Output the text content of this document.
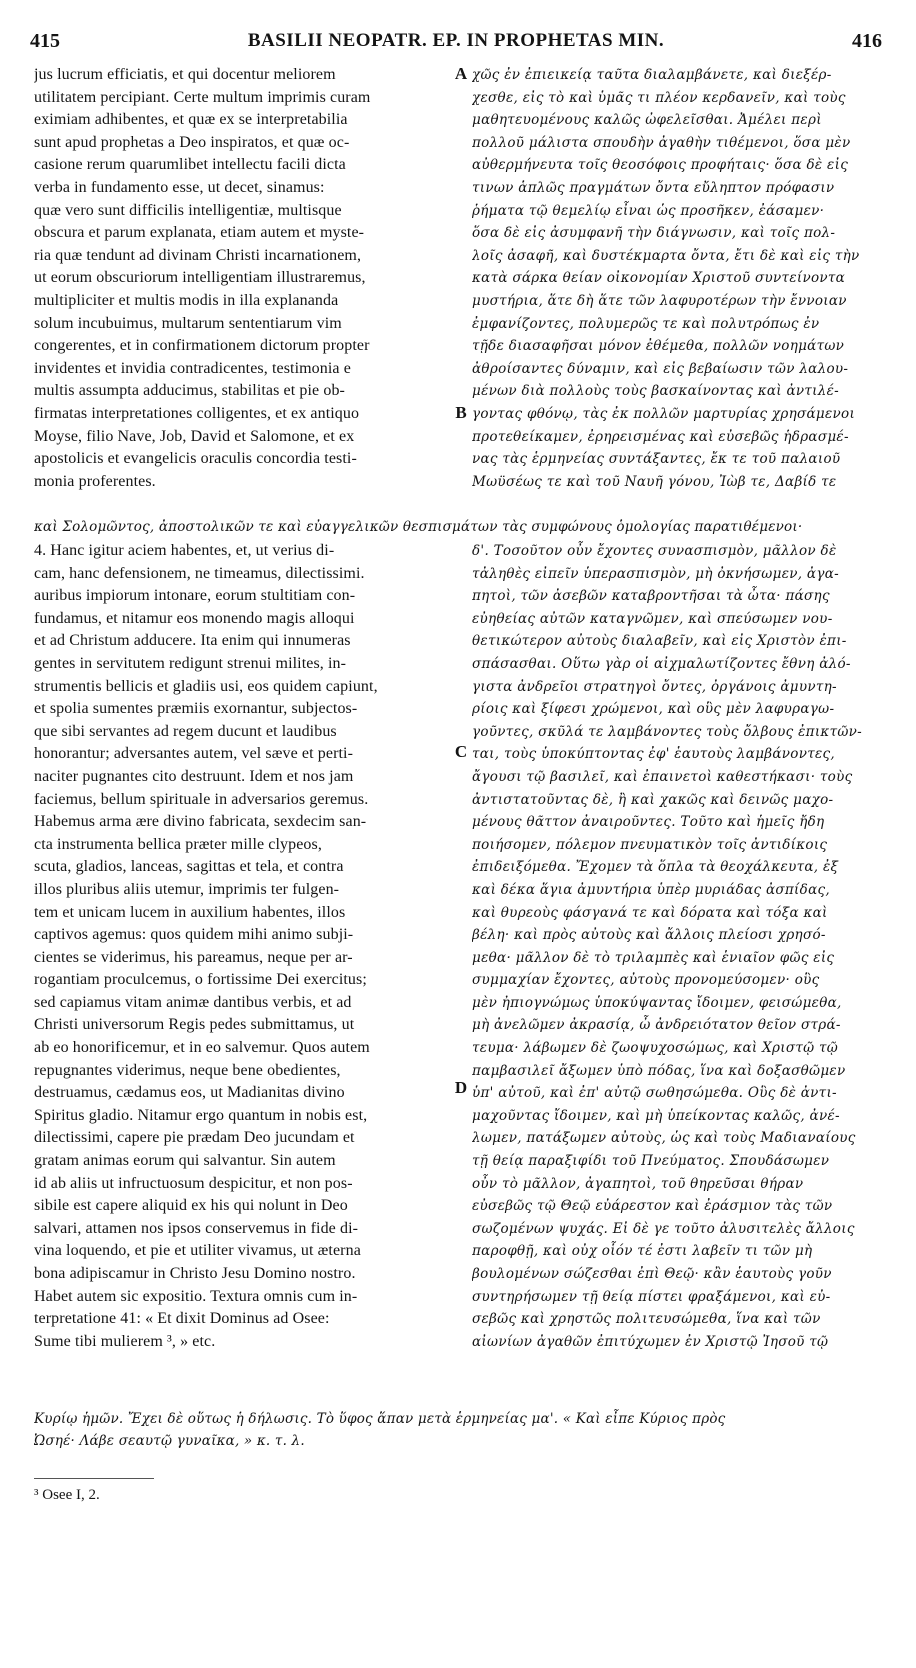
415	BASILII NEOPATR. EP. IN PROPHETAS MIN.	416
jus lucrum efficiatis, et qui docentur meliorem
utilitatem percipiant. Certe multum imprimis curam
eximiam adhibentes, et quæ ex se interpretabilia
sunt apud prophetas a Deo inspiratos, et quæ oc-
casione rerum quarumlibet intellectu facili dicta
verba in fundamento esse, ut decet, sinamus:
quæ vero sunt difficilis intelligentiæ, multisque
obscura et parum explanata, etiam autem et myste-
ria quæ tendunt ad divinam Christi incarnationem,
ut eorum obscuriorum intelligentiam illustraremus,
multipliciter et multis modis in illa explananda
solum incubuimus, multarum sententiarum vim
congerentes, et in confirmationem dictorum propter
invidentes et invidia contradicentes, testimonia e
multis assumpta adducimus, stabilitas et pie ob-
firmatas interpretationes colligentes, et ex antiquo
Moyse, filio Nave, Job, David et Salomone, et ex
apostolicis et evangelicis oraculis concordia testi-
monia proferentes.
χῶς ἐν ἐπιεικείᾳ ταῦτα διαλαμβάνετε, καὶ διεξέρ-
χεσθε, εἰς τὸ καὶ ὑμᾶς τι πλέον κερδανεῖν, καὶ τοὺς
μαθητευομένους καλῶς ὠφελεῖσθαι. Ἀμέλει περὶ
πολλοῦ μάλιστα σπουδὴν ἀγαθὴν τιθέμενοι, ὅσα μὲν
αὐθερμήνευτα τοῖς θεοσόφοις προφήταις· ὅσα δὲ εἰς
τινων ἁπλῶς πραγμάτων ὄντα εὔληπτον πρόφασιν
ῥήματα τῷ θεμελίῳ εἶναι ὡς προσῆκεν, ἐάσαμεν·
ὅσα δὲ εἰς ἀσυμφανῆ τὴν διάγνωσιν, καὶ τοῖς πολ-
λοῖς ἀσαφῆ, καὶ δυστέκμαρτα ὄντα, ἔτι δὲ καὶ εἰς τὴν
κατὰ σάρκα θείαν οἰκονομίαν Χριστοῦ συντείνοντα
μυστήρια, ἅτε δὴ ἅτε τῶν λαφυροτέρων τὴν ἔννοιαν
ἐμφανίζοντες, πολυμερῶς τε καὶ πολυτρόπως ἐν
τῇδε διασαφῆσαι μόνον ἐθέμεθα, πολλῶν νοημάτων
ἀθροίσαντες δύναμιν, καὶ εἰς βεβαίωσιν τῶν λαλου-
μένων διὰ πολλοὺς τοὺς βασκαίνοντας καὶ ἀντιλέ-
γοντας φθόνῳ, τὰς ἐκ πολλῶν μαρτυρίας χρησάμενοι
προτεθείκαμεν, ἐρηρεισμένας καὶ εὐσεβῶς ἡδρασμέ-
νας τὰς ἑρμηνείας συντάξαντες, ἔκ τε τοῦ παλαιοῦ
Μωϋσέως τε καὶ τοῦ Ναυῆ γόνου, Ἰὼβ τε, Δαβίδ τε
A
B
καὶ Σολομῶντος, ἀποστολικῶν τε καὶ εὐαγγελικῶν θεσπισμάτων τὰς συμφώνους ὁμολογίας παρατιθέμενοι·
4. Hanc igitur aciem habentes, et, ut verius di-
cam, hanc defensionem, ne timeamus, dilectissimi.
auribus impiorum intonare, eorum stultitiam con-
fundamus, et nitamur eos monendo magis alloqui
et ad Christum adducere. Ita enim qui innumeras
gentes in servitutem redigunt strenui milites, in-
strumentis bellicis et gladiis usi, eos quidem capiunt,
et spolia sumentes præmiis exornantur, subjectos-
que sibi servantes ad regem ducunt et laudibus
honorantur; adversantes autem, vel sæve et perti-
naciter pugnantes cito destruunt. Idem et nos jam
faciemus, bellum spirituale in adversarios geremus.
Habemus arma ære divino fabricata, sexdecim san-
cta instrumenta bellica præter mille clypeos,
scuta, gladios, lanceas, sagittas et tela, et contra
illos pluribus aliis utemur, imprimis ter fulgen-
tem et unicam lucem in auxilium habentes, illos
captivos agemus: quos quidem mihi animo subji-
cientes se viderimus, his pareamus, neque per ar-
rogantiam proculcemus, o fortissime Dei exercitus;
sed capiamus vitam animæ dantibus verbis, et ad
Christi universorum Regis pedes submittamus, ut
ab eo honorificemur, et in eo salvemur. Quos autem
repugnantes viderimus, neque bene obedientes,
destruamus, cædamus eos, ut Madianitas divino
Spiritus gladio. Nitamur ergo quantum in nobis est,
dilectissimi, capere pie prædam Deo jucundam et
gratam animas eorum qui salvantur. Sin autem
id ab aliis ut infructuosum despicitur, et non pos-
sibile est capere aliquid ex his qui nolunt in Deo
salvari, attamen nos ipsos conservemus in fide di-
vina loquendo, et pie et utiliter vivamus, ut æterna
bona adipiscamur in Christo Jesu Domino nostro.
Habet autem sic expositio. Textura omnis cum in-
terpretatione 41: « Et dixit Dominus ad Osee:
Sume tibi mulierem ³, » etc.
δ'. Τοσοῦτον οὖν ἔχοντες συνασπισμὸν, μᾶλλον δὲ
τἀληθὲς εἰπεῖν ὑπερασπισμὸν, μὴ ὀκνήσωμεν, ἀγα-
πητοὶ, τῶν ἀσεβῶν καταβροντῆσαι τὰ ὦτα· πάσης
εὐηθείας αὐτῶν καταγνῶμεν, καὶ σπεύσωμεν νου-
θετικώτερον αὐτοὺς διαλαβεῖν, καὶ εἰς Χριστὸν ἐπι-
σπάσασθαι. Οὕτω γὰρ οἱ αἰχμαλωτίζοντες ἔθνη ἀλό-
γιστα ἀνδρεῖοι στρατηγοὶ ὄντες, ὀργάνοις ἀμυντη-
ρίοις καὶ ξίφεσι χρώμενοι, καὶ οὓς μὲν λαφυραγω-
γοῦντες, σκῦλά τε λαμβάνοντες τοὺς ὄλβους ἐπικτῶν-
ται, τοὺς ὑποκύπτοντας ἐφ' ἑαυτοὺς λαμβάνοντες,
ἄγουσι τῷ βασιλεῖ, καὶ ἐπαινετοὶ καθεστήκασι· τοὺς
ἀντιστατοῦντας δὲ, ἢ καὶ χακῶς καὶ δεινῶς μαχο-
μένους θᾶττον ἀναιροῦντες. Τοῦτο καὶ ἡμεῖς ἤδη
ποιήσομεν, πόλεμον πνευματικὸν τοῖς ἀντιδίκοις
ἐπιδειξόμεθα. Ἔχομεν τὰ ὅπλα τὰ θεοχάλκευτα, ἐξ
καὶ δέκα ἅγια ἀμυντήρια ὑπὲρ μυριάδας ἀσπίδας,
καὶ θυρεοὺς φάσγανά τε καὶ δόρατα καὶ τόξα καὶ
βέλη· καὶ πρὸς αὐτοὺς καὶ ἄλλοις πλείοσι χρησό-
μεθα· μᾶλλον δὲ τὸ τριλαμπὲς καὶ ἑνιαῖον φῶς εἰς
συμμαχίαν ἔχοντες, αὐτοὺς προνομεύσομεν· οὓς
μὲν ἠπιογνώμως ὑποκύψαντας ἴδοιμεν, φεισώμεθα,
μὴ ἀνελῶμεν ἀκρασίᾳ, ὦ ἀνδρειότατον θεῖον στρά-
τευμα· λάβωμεν δὲ ζωοψυχοσώμως, καὶ Χριστῷ τῷ
παμβασιλεῖ ἄξωμεν ὑπὸ πόδας, ἵνα καὶ δοξασθῶμεν
ὑπ' αὐτοῦ, καὶ ἐπ' αὐτῷ σωθησώμεθα. Οὓς δὲ ἀντι-
μαχοῦντας ἴδοιμεν, καὶ μὴ ὑπείκοντας καλῶς, ἀνέ-
λωμεν, πατάξωμεν αὐτοὺς, ὡς καὶ τοὺς Μαδιαναίους
τῇ θείᾳ παραξιφίδι τοῦ Πνεύματος. Σπουδάσωμεν
οὖν τὸ μᾶλλον, ἀγαπητοὶ, τοῦ θηρεῦσαι θήραν
εὐσεβῶς τῷ Θεῷ εὐάρεστον καὶ ἐράσμιον τὰς τῶν
σωζομένων ψυχάς. Εἰ δὲ γε τοῦτο ἀλυσιτελὲς ἄλλοις
παροφθῇ, καὶ οὐχ οἷόν τέ ἐστι λαβεῖν τι τῶν μὴ
βουλομένων σώζεσθαι ἐπὶ Θεῷ· κἂν ἑαυτοὺς γοῦν
συντηρήσωμεν τῇ θείᾳ πίστει φραξάμενοι, καὶ εὐ-
σεβῶς καὶ χρηστῶς πολιτευσώμεθα, ἵνα καὶ τῶν
αἰωνίων ἀγαθῶν ἐπιτύχωμεν ἐν Χριστῷ Ἰησοῦ τῷ
C
D
Κυρίῳ ἡμῶν. Ἔχει δὲ οὕτως ἡ δήλωσις. Τὸ ὕφος ἅπαν μετὰ ἑρμηνείας μα'. « Καὶ εἶπε Κύριος πρὸς
Ὠσηέ· Λάβε σεαυτῷ γυναῖκα, » κ. τ. λ.
³ Osee I, 2.
